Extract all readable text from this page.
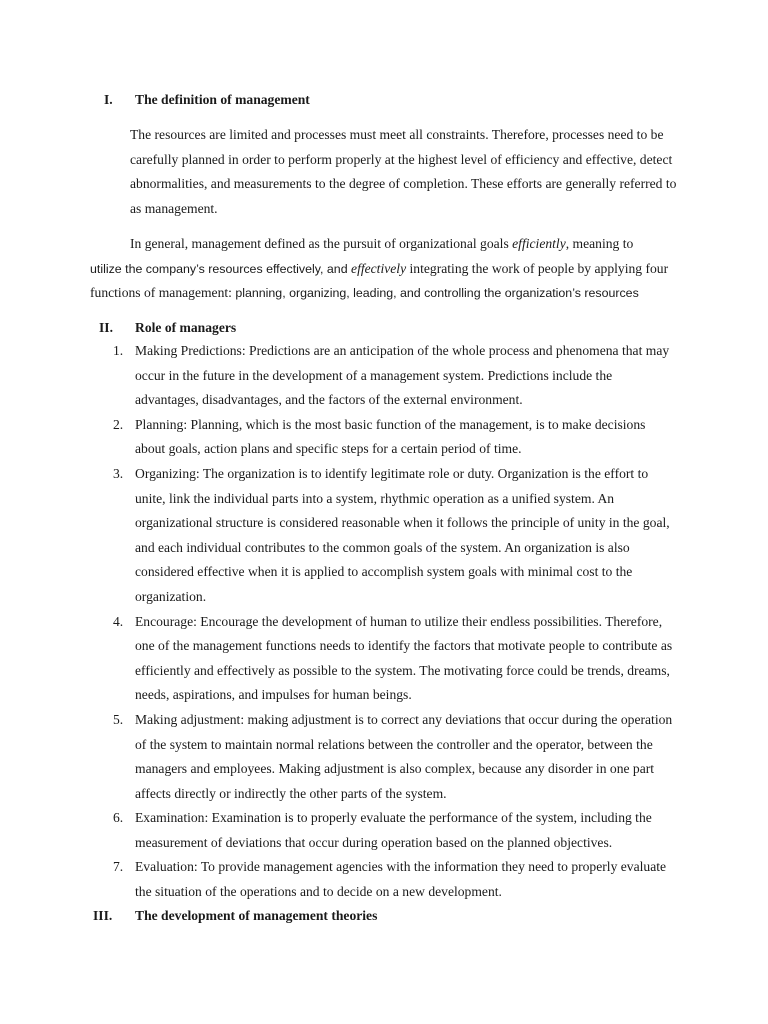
I. The definition of management
The resources are limited and processes must meet all constraints. Therefore, processes need to be carefully planned in order to perform properly at the highest level of efficiency and effective, detect abnormalities, and measurements to the degree of completion. These efforts are generally referred to as management.
In general, management defined as the pursuit of organizational goals efficiently, meaning to
utilize the company’s resources effectively, and effectively integrating the work of people by applying four functions of management: planning, organizing, leading, and controlling the organization’s resources
II. Role of managers
1. Making Predictions: Predictions are an anticipation of the whole process and phenomena that may occur in the future in the development of a management system. Predictions include the advantages, disadvantages, and the factors of the external environment.
2. Planning: Planning, which is the most basic function of the management, is to make decisions about goals, action plans and specific steps for a certain period of time.
3. Organizing: The organization is to identify legitimate role or duty. Organization is the effort to unite, link the individual parts into a system, rhythmic operation as a unified system. An organizational structure is considered reasonable when it follows the principle of unity in the goal, and each individual contributes to the common goals of the system. An organization is also considered effective when it is applied to accomplish system goals with minimal cost to the organization.
4. Encourage: Encourage the development of human to utilize their endless possibilities. Therefore, one of the management functions needs to identify the factors that motivate people to contribute as efficiently and effectively as possible to the system. The motivating force could be trends, dreams, needs, aspirations, and impulses for human beings.
5. Making adjustment: making adjustment is to correct any deviations that occur during the operation of the system to maintain normal relations between the controller and the operator, between the managers and employees. Making adjustment is also complex, because any disorder in one part affects directly or indirectly the other parts of the system.
6. Examination: Examination is to properly evaluate the performance of the system, including the measurement of deviations that occur during operation based on the planned objectives.
7. Evaluation: To provide management agencies with the information they need to properly evaluate the situation of the operations and to decide on a new development.
III. The development of management theories
